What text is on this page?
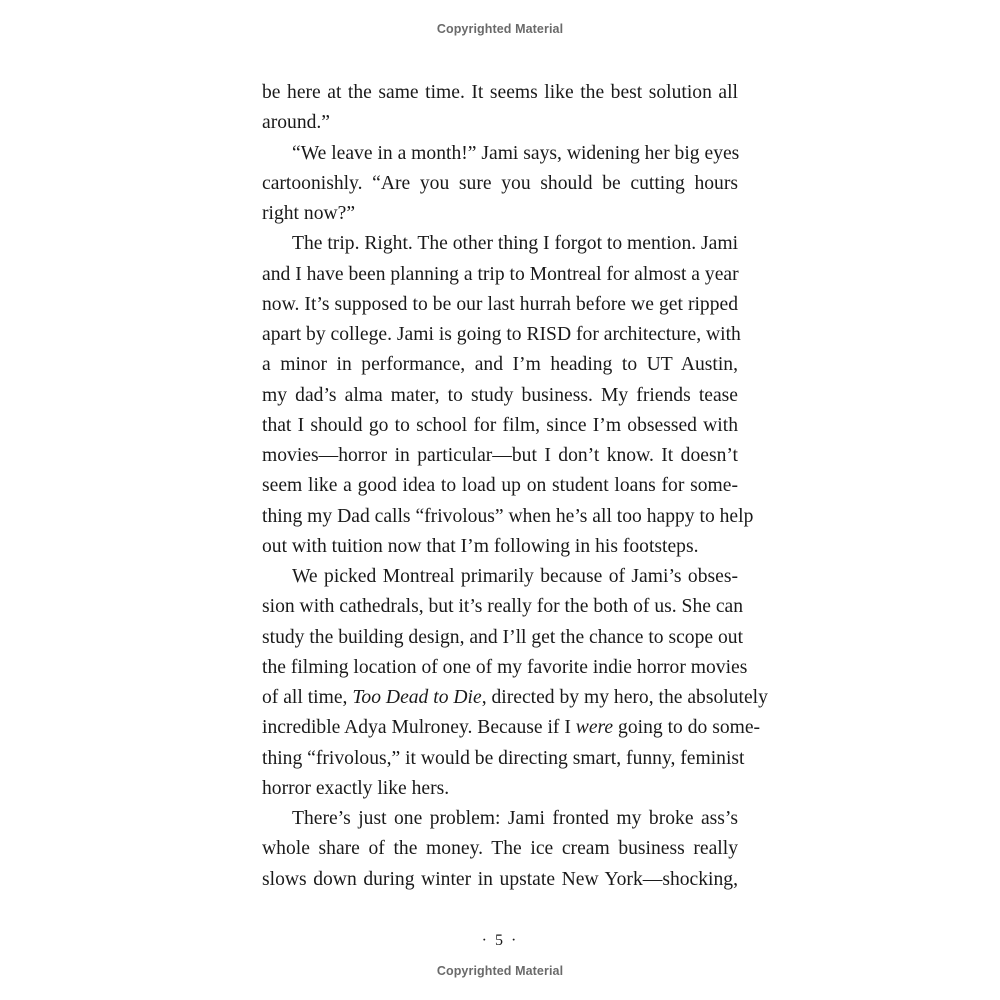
Copyrighted Material
be here at the same time. It seems like the best solution all
around.”
“We leave in a month!” Jami says, widening her big eyes
cartoonishly. “Are you sure you should be cutting hours
right now?”
The trip. Right. The other thing I forgot to mention. Jami
and I have been planning a trip to Montreal for almost a year
now. It’s supposed to be our last hurrah before we get ripped
apart by college. Jami is going to RISD for architecture, with
a minor in performance, and I’m heading to UT Austin,
my dad’s alma mater, to study business. My friends tease
that I should go to school for film, since I’m obsessed with
movies—horror in particular—but I don’t know. It doesn’t
seem like a good idea to load up on student loans for some-
thing my Dad calls “frivolous” when he’s all too happy to help
out with tuition now that I’m following in his footsteps.
We picked Montreal primarily because of Jami’s obses-
sion with cathedrals, but it’s really for the both of us. She can
study the building design, and I’ll get the chance to scope out
the filming location of one of my favorite indie horror movies
of all time, Too Dead to Die, directed by my hero, the absolutely
incredible Adya Mulroney. Because if I were going to do some-
thing “frivolous,” it would be directing smart, funny, feminist
horror exactly like hers.
There’s just one problem: Jami fronted my broke ass’s
whole share of the money. The ice cream business really
slows down during winter in upstate New York—shocking,
· 5 ·
Copyrighted Material
